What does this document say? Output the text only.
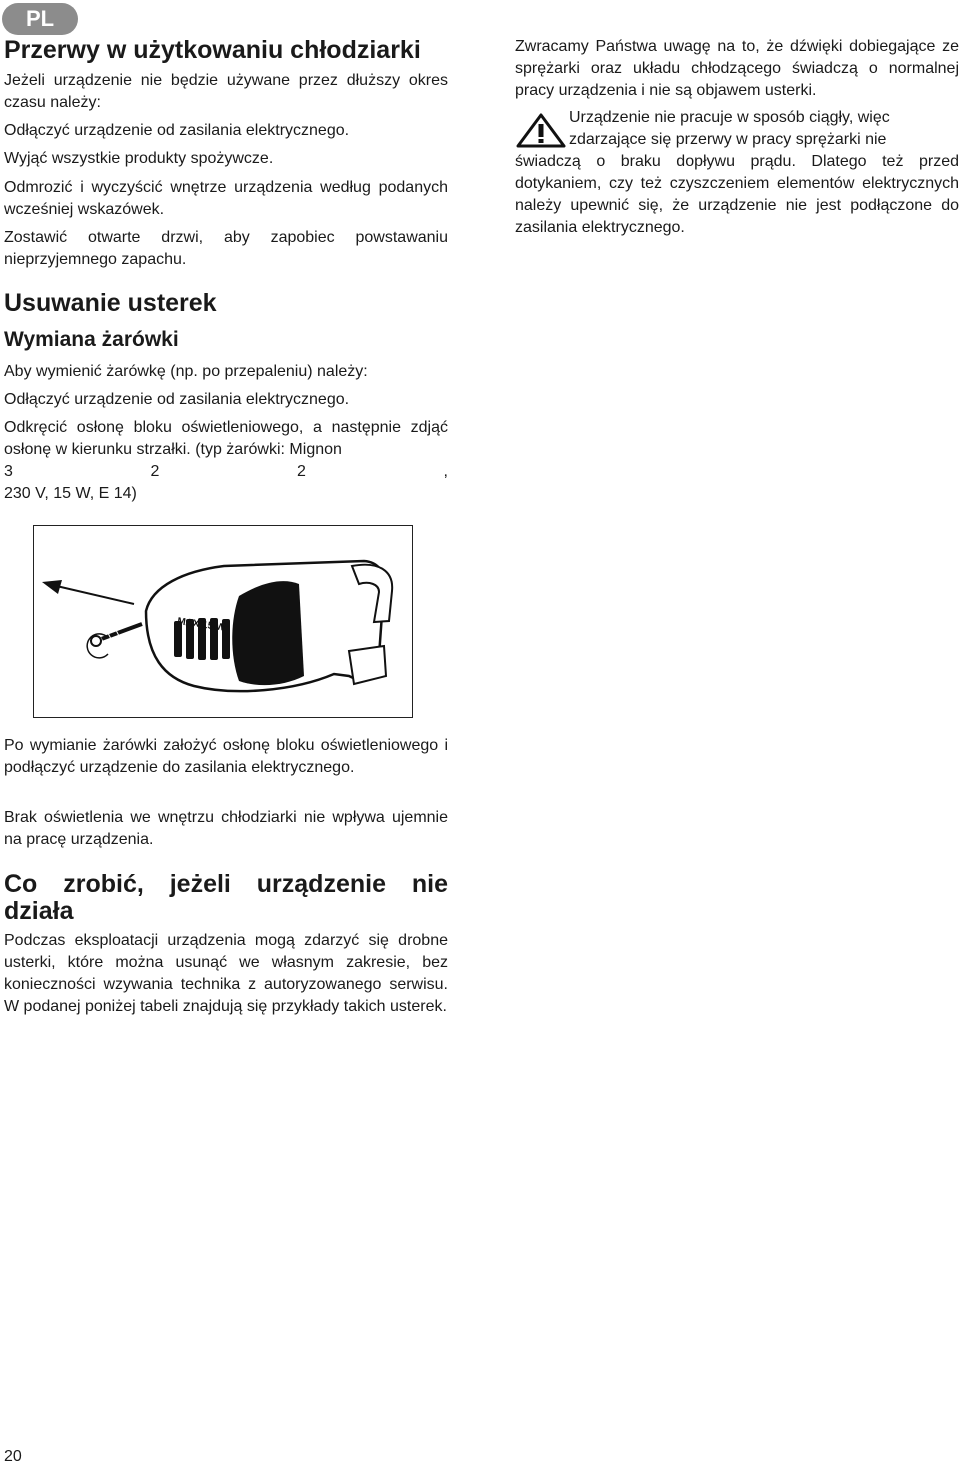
PL
Przerwy w użytkowaniu chłodziarki

Jeżeli urządzenie nie będzie używane przez dłuższy okres czasu należy:

Odłączyć urządzenie od zasilania elektrycznego.

Wyjąć wszystkie produkty spożywcze.

Odmrozić i wyczyścić wnętrze urządzenia według podanych wcześniej wskazówek.

Zostawić otwarte drzwi, aby zapobiec powstawaniu nieprzyjemnego zapachu.

Usuwanie usterek
Wymiana żarówki

Aby wymienić żarówkę (np. po przepaleniu) należy:

Odłączyć urządzenie od zasilania elektrycznego.

Odkręcić osłonę bloku oświetleniowego, a następnie zdjąć osłonę w kierunku strzałki. (typ żarówki: Mignon

3 2 2 ,

230 V, 15 W, E 14)

MAX 15 W

Po wymianie żarówki założyć osłonę bloku oświetleniowego i podłączyć urządzenie do zasilania elektrycznego.

Brak oświetlenia we wnętrzu chłodziarki nie wpływa ujemnie na pracę urządzenia.

Co zrobić, jeżeli urządzenie nie działa

Podczas eksploatacji urządzenia mogą zdarzyć się drobne usterki, które można usunąć we własnym zakresie, bez konieczności wzywania technika z autoryzowanego serwisu. W podanej poniżej tabeli znajdują się przykłady takich usterek.

Zwracamy Państwa uwagę na to, że dźwięki dobiegające ze sprężarki oraz układu chłodzącego świadczą o normalnej pracy urządzenia i nie są objawem usterki.

Urządzenie nie pracuje w sposób ciągły, więc

zdarzające się przerwy w pracy sprężarki nie

świadczą o braku dopływu prądu. Dlatego też przed dotykaniem, czy też czyszczeniem elementów elektrycznych należy upewnić się, że urządzenie nie jest podłączone do zasilania elektrycznego.

20
